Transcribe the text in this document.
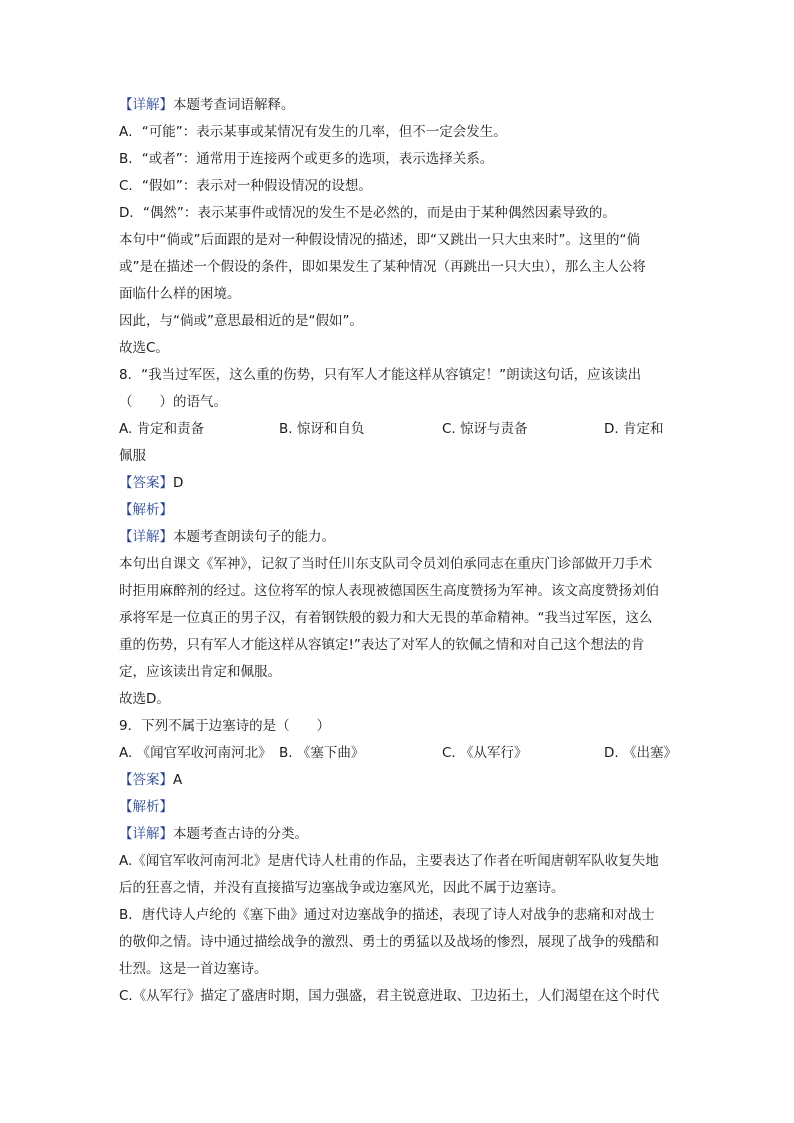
【详解】本题考查词语解释。
A．“可能”：表示某事或某情况有发生的几率，但不一定会发生。
B．“或者”：通常用于连接两个或更多的选项，表示选择关系。
C．“假如”：表示对一种假设情况的设想。
D．“偶然”：表示某事件或情况的发生不是必然的，而是由于某种偶然因素导致的。
本句中“倘或”后面跟的是对一种假设情况的描述，即“又跳出一只大虫来时”。这里的“倘
或”是在描述一个假设的条件，即如果发生了某种情况（再跳出一只大虫），那么主人公将
面临什么样的困境。
因此，与“倘或”意思最相近的是“假如”。
故选C。
8．“我当过军医，这么重的伤势，只有军人才能这样从容镇定！”朗读这句话，应该读出
（　　）的语气。
A. 肯定和责备	B. 惊讶和自负	C. 惊讶与责备	D. 肯定和
佩服
【答案】D
【解析】
【详解】本题考查朗读句子的能力。
本句出自课文《军神》，记叙了当时任川东支队司令员刘伯承同志在重庆门诊部做开刀手术
时拒用麻醉剂的经过。这位将军的惊人表现被德国医生高度赞扬为军神。该文高度赞扬刘伯
承将军是一位真正的男子汉，有着钢铁般的毅力和大无畏的革命精神。“我当过军医，这么
重的伤势，只有军人才能这样从容镇定!”表达了对军人的钦佩之情和对自己这个想法的肯
定，应该读出肯定和佩服。
故选D。
9．下列不属于边塞诗的是（　　）
A. 《闻官军收河南河北》 B. 《塞下曲》	C. 《从军行》	D. 《出塞》
【答案】A
【解析】
【详解】本题考查古诗的分类。
A.《闻官军收河南河北》是唐代诗人杜甫的作品，主要表达了作者在听闻唐朝军队收复失地
后的狂喜之情，并没有直接描写边塞战争或边塞风光，因此不属于边塞诗。
B．唐代诗人卢纶的《塞下曲》通过对边塞战争的描述，表现了诗人对战争的悲痛和对战士
的敬仰之情。诗中通过描绘战争的激烈、勇士的勇猛以及战场的惨烈，展现了战争的残酷和
壮烈。这是一首边塞诗。
C.《从军行》描定了盛唐时期，国力强盛，君主锐意进取、卫边拓土，人们渴望在这个时代
